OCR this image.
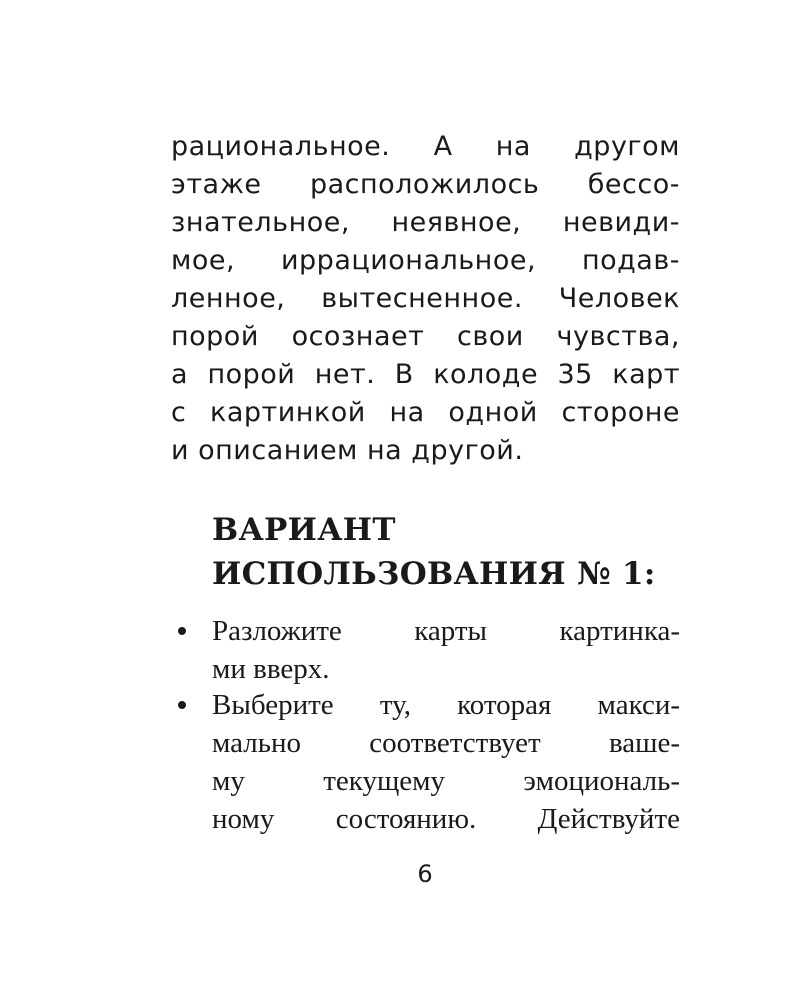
рациональное. А на другом
этаже расположилось бессо-
знательное, неявное, невиди-
мое, иррациональное, подав-
ленное, вытесненное. Человек
порой осознает свои чувства,
а порой нет. В колоде 35 карт
с картинкой на одной стороне
и описанием на другой.
ВАРИАНТ
ИСПОЛЬЗОВАНИЯ № 1:
Разложите карты картинка-
ми вверх.
Выберите ту, которая макси-
мально соответствует ваше-
му текущему эмоциональ-
ному состоянию. Действуйте
6
